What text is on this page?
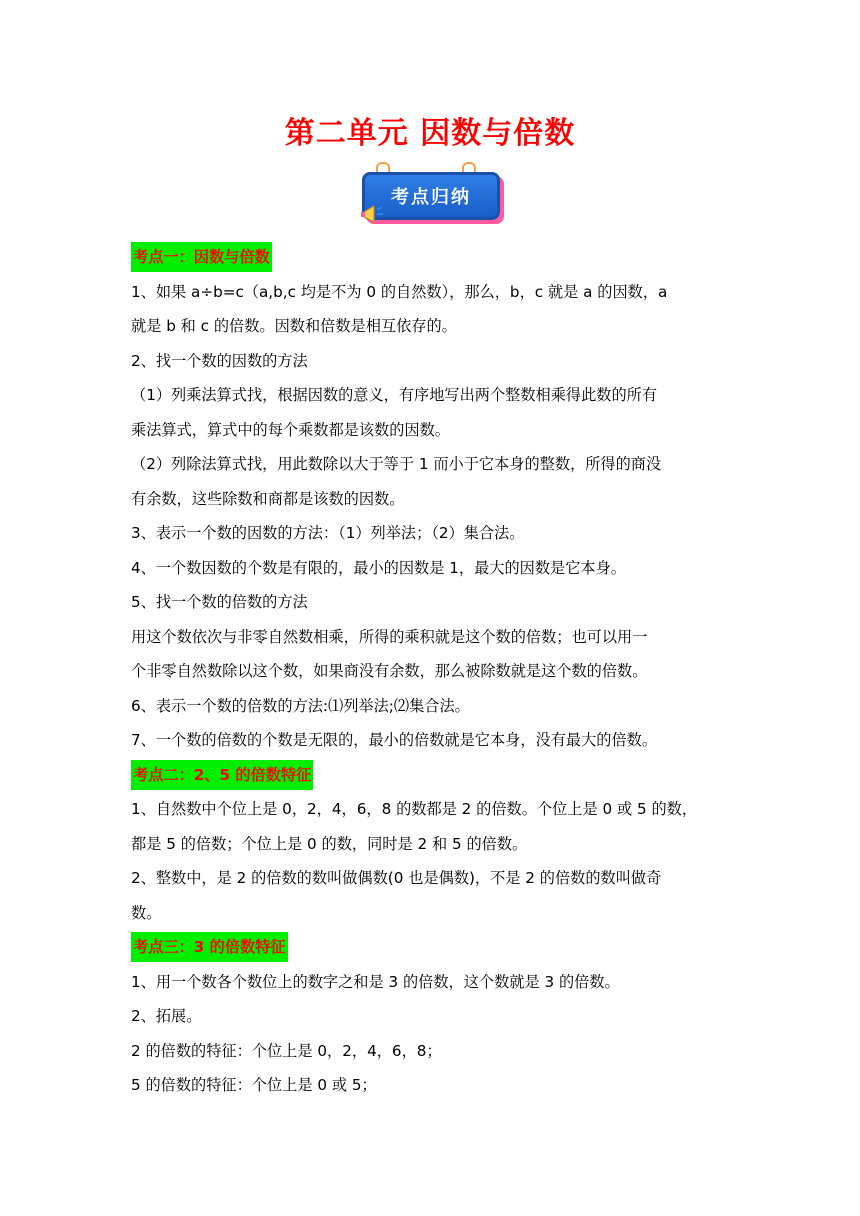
第二单元 因数与倍数
考点归纳

考点一：因数与倍数

1、如果 a÷b=c（a,b,c 均是不为 0 的自然数），那么，b，c 就是 a 的因数，a

就是 b 和 c 的倍数。因数和倍数是相互依存的。

2、找一个数的因数的方法

（1）列乘法算式找，根据因数的意义，有序地写出两个整数相乘得此数的所有

乘法算式，算式中的每个乘数都是该数的因数。

（2）列除法算式找，用此数除以大于等于 1 而小于它本身的整数，所得的商没

有余数，这些除数和商都是该数的因数。

3、表示一个数的因数的方法：（1）列举法；（2）集合法。

4、一个数因数的个数是有限的，最小的因数是 1，最大的因数是它本身。

5、找一个数的倍数的方法

用这个数依次与非零自然数相乘，所得的乘积就是这个数的倍数；也可以用一

个非零自然数除以这个数，如果商没有余数，那么被除数就是这个数的倍数。

6、表示一个数的倍数的方法:⑴列举法;⑵集合法。

7、一个数的倍数的个数是无限的，最小的倍数就是它本身，没有最大的倍数。

考点二：2、5 的倍数特征

1、自然数中个位上是 0，2，4，6，8 的数都是 2 的倍数。个位上是 0 或 5 的数，

都是 5 的倍数；个位上是 0 的数，同时是 2 和 5 的倍数。

2、整数中，是 2 的倍数的数叫做偶数(0 也是偶数)，不是 2 的倍数的数叫做奇

数。

考点三：3 的倍数特征

1、用一个数各个数位上的数字之和是 3 的倍数，这个数就是 3 的倍数。

2、拓展。

2 的倍数的特征：个位上是 0，2，4，6，8；

5 的倍数的特征：个位上是 0 或 5；
